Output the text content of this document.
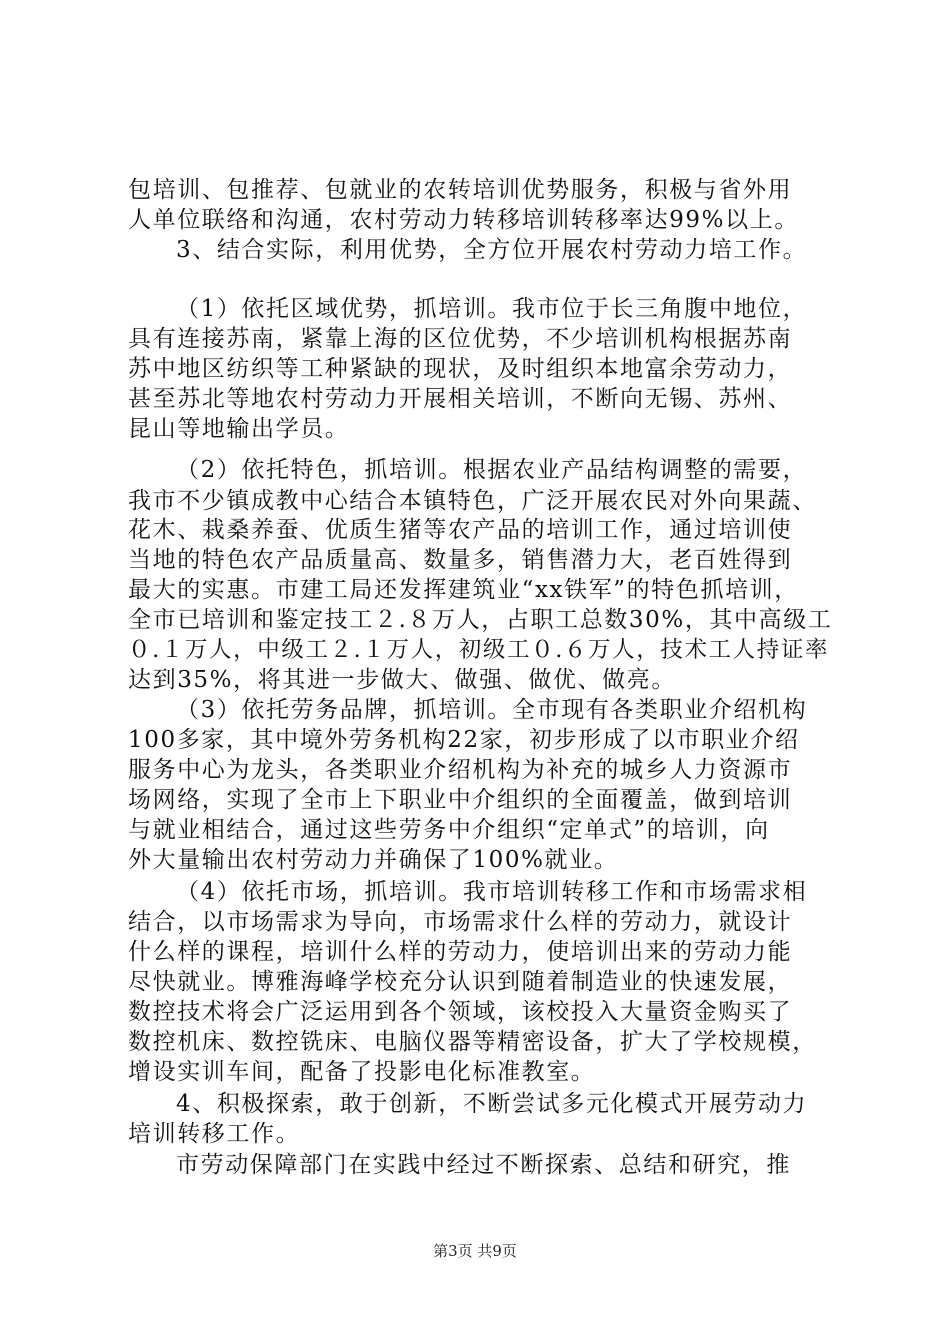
包培训、包推荐、包就业的农转培训优势服务，积极与省外用

人单位联络和沟通，农村劳动力转移培训转移率达99%以上。

3、结合实际，利用优势，全方位开展农村劳动力培工作。

（1）依托区域优势，抓培训。我市位于长三角腹中地位，

具有连接苏南，紧靠上海的区位优势，不少培训机构根据苏南

苏中地区纺织等工种紧缺的现状，及时组织本地富余劳动力，

甚至苏北等地农村劳动力开展相关培训，不断向无锡、苏州、

昆山等地输出学员。

（2）依托特色，抓培训。根据农业产品结构调整的需要，

我市不少镇成教中心结合本镇特色，广泛开展农民对外向果蔬、

花木、栽桑养蚕、优质生猪等农产品的培训工作，通过培训使

当地的特色农产品质量高、数量多，销售潜力大，老百姓得到

最大的实惠。市建工局还发挥建筑业“xx铁军”的特色抓培训，

全市已培训和鉴定技工２.８万人，占职工总数30%，其中高级工

０.１万人，中级工２.１万人，初级工０.６万人，技术工人持证率

达到35%，将其进一步做大、做强、做优、做亮。

（3）依托劳务品牌，抓培训。全市现有各类职业介绍机构

100多家，其中境外劳务机构22家，初步形成了以市职业介绍

服务中心为龙头，各类职业介绍机构为补充的城乡人力资源市

场网络，实现了全市上下职业中介组织的全面覆盖，做到培训

与就业相结合，通过这些劳务中介组织“定单式”的培训，向

外大量输出农村劳动力并确保了100%就业。

（4）依托市场，抓培训。我市培训转移工作和市场需求相

结合，以市场需求为导向，市场需求什么样的劳动力，就设计

什么样的课程，培训什么样的劳动力，使培训出来的劳动力能

尽快就业。博雅海峰学校充分认识到随着制造业的快速发展，

数控技术将会广泛运用到各个领域，该校投入大量资金购买了

数控机床、数控铣床、电脑仪器等精密设备，扩大了学校规模，

增设实训车间，配备了投影电化标准教室。

4、积极探索，敢于创新，不断尝试多元化模式开展劳动力

培训转移工作。

市劳动保障部门在实践中经过不断探索、总结和研究，推

第3页 共9页
